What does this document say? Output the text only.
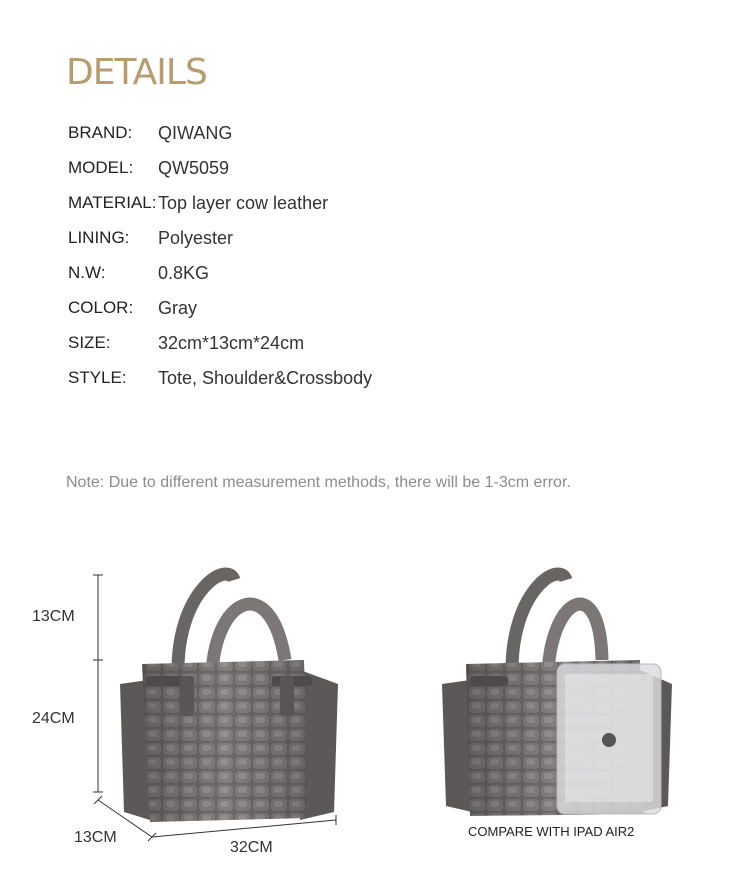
DETAILS
BRAND: QIWANG
MODEL: QW5059
MATERIAL: Top layer cow leather
LINING: Polyester
N.W:	0.8KG
COLOR: Gray
SIZE:	32cm*13cm*24cm
STYLE: Tote, Shoulder&Crossbody
Note: Due to different measurement methods, there will be 1-3cm error.
13CM
24CM
13CM
32CM
COMPARE WITH IPAD AIR2
